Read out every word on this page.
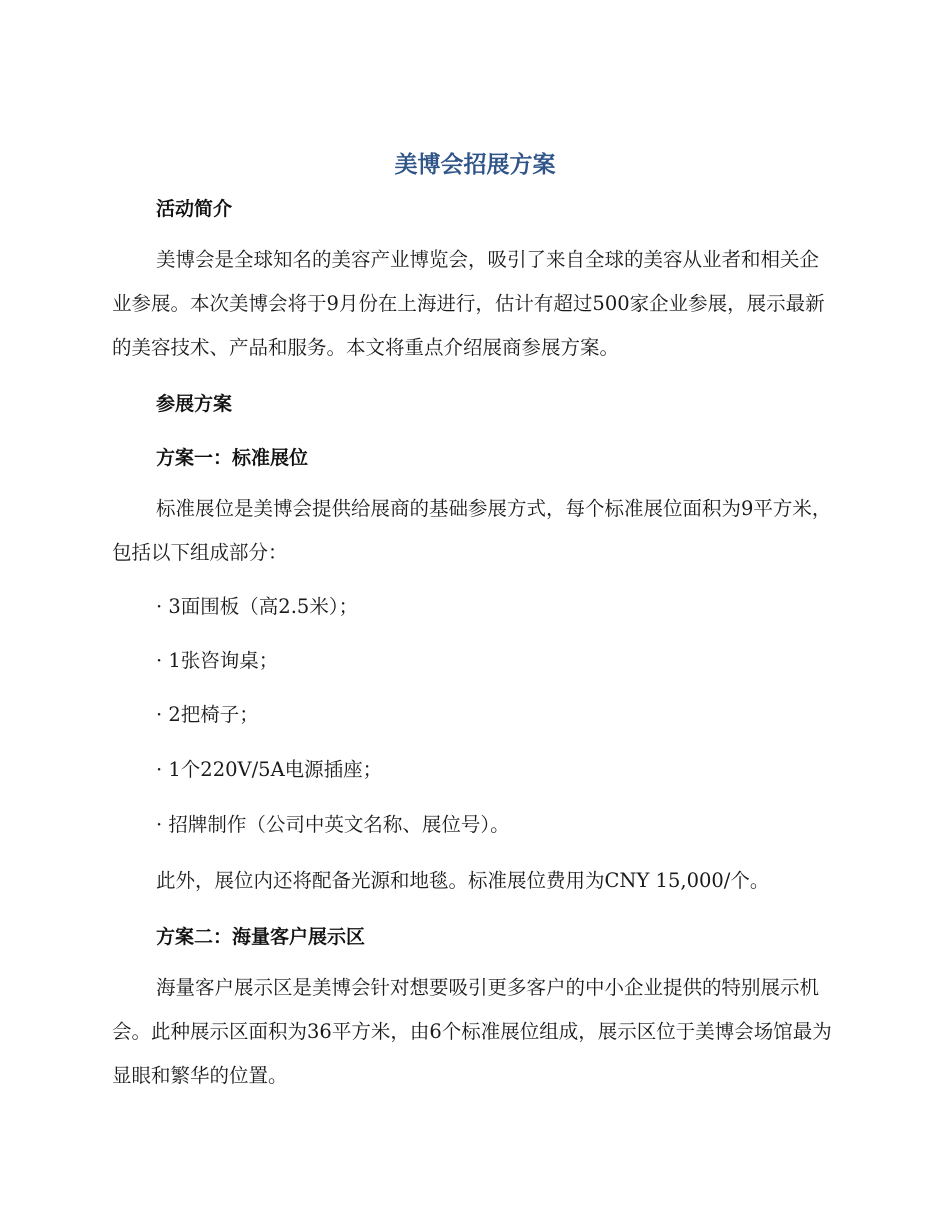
美博会招展方案
活动简介

美博会是全球知名的美容产业博览会，吸引了来自全球的美容从业者和相关企业参展。本次美博会将于9月份在上海进行，估计有超过500家企业参展，展示最新的美容技术、产品和服务。本文将重点介绍展商参展方案。

参展方案
方案一：标准展位

标准展位是美博会提供给展商的基础参展方式，每个标准展位面积为9平方米，包括以下组成部分：

· 3面围板（高2.5米）；

· 1张咨询桌；

· 2把椅子；

· 1个220V/5A电源插座；

· 招牌制作（公司中英文名称、展位号）。

此外，展位内还将配备光源和地毯。标准展位费用为CNY 15,000/个。

方案二：海量客户展示区

海量客户展示区是美博会针对想要吸引更多客户的中小企业提供的特别展示机会。此种展示区面积为36平方米，由6个标准展位组成，展示区位于美博会场馆最为显眼和繁华的位置。
